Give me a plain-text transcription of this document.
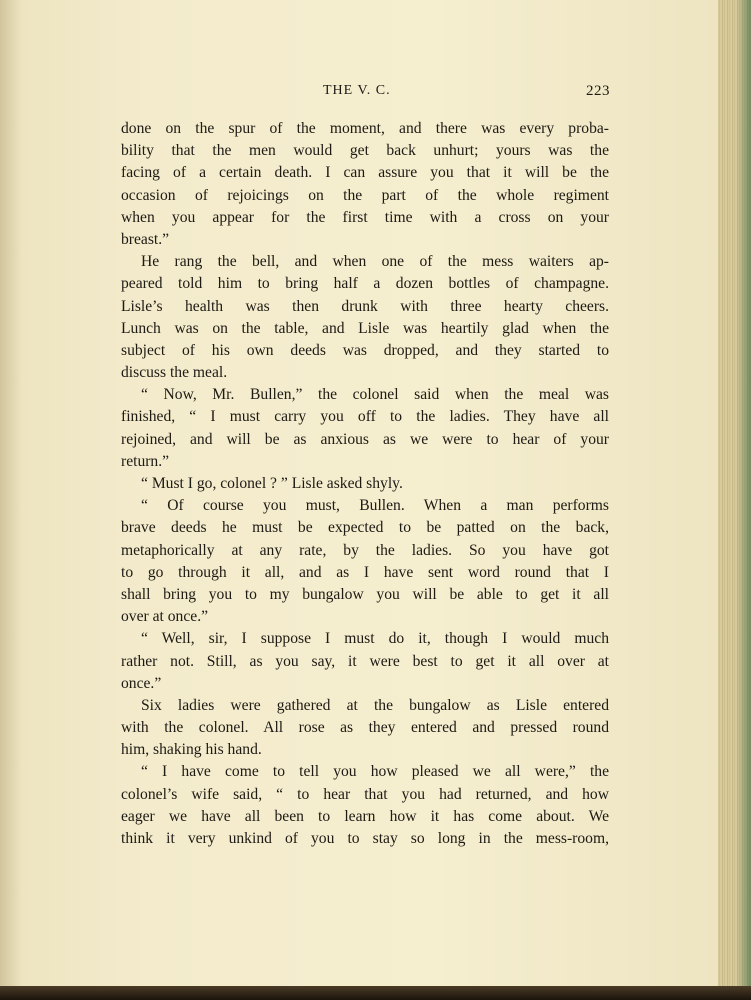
THE V. C.	223
done on the spur of the moment, and there was every proba-
bility that the men would get back unhurt; yours was the
facing of a certain death. I can assure you that it will be the
occasion of rejoicings on the part of the whole regiment
when you appear for the first time with a cross on your
breast.”
He rang the bell, and when one of the mess waiters ap-
peared told him to bring half a dozen bottles of champagne.
Lisle’s health was then drunk with three hearty cheers.
Lunch was on the table, and Lisle was heartily glad when the
subject of his own deeds was dropped, and they started to
discuss the meal.
“ Now, Mr. Bullen,” the colonel said when the meal was
finished, “ I must carry you off to the ladies. They have all
rejoined, and will be as anxious as we were to hear of your
return.”
“ Must I go, colonel ? ” Lisle asked shyly.
“ Of course you must, Bullen. When a man performs
brave deeds he must be expected to be patted on the back,
metaphorically at any rate, by the ladies. So you have got
to go through it all, and as I have sent word round that I
shall bring you to my bungalow you will be able to get it all
over at once.”
“ Well, sir, I suppose I must do it, though I would much
rather not. Still, as you say, it were best to get it all over at
once.”
Six ladies were gathered at the bungalow as Lisle entered
with the colonel. All rose as they entered and pressed round
him, shaking his hand.
“ I have come to tell you how pleased we all were,” the
colonel’s wife said, “ to hear that you had returned, and how
eager we have all been to learn how it has come about. We
think it very unkind of you to stay so long in the mess-room,
